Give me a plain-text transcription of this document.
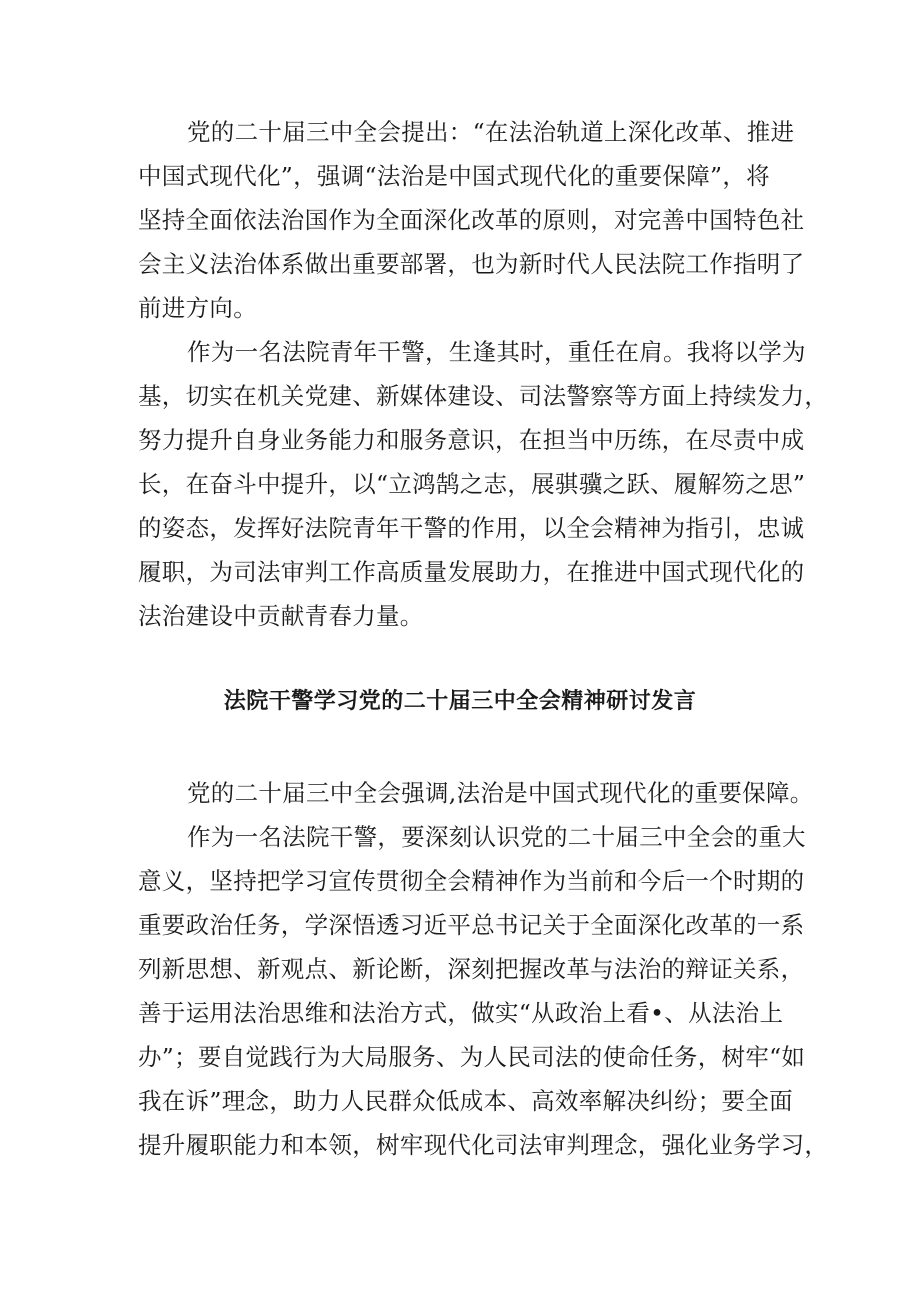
党的二十届三中全会提出：“在法治轨道上深化改革、推进
中国式现代化”，强调“法治是中国式现代化的重要保障”，将
坚持全面依法治国作为全面深化改革的原则，对完善中国特色社
会主义法治体系做出重要部署，也为新时代人民法院工作指明了
前进方向。
作为一名法院青年干警，生逢其时，重任在肩。我将以学为
基，切实在机关党建、新媒体建设、司法警察等方面上持续发力，
努力提升自身业务能力和服务意识，在担当中历练，在尽责中成
长，在奋斗中提升，以“立鸿鹄之志，展骐骥之跃、履解笏之思”
的姿态，发挥好法院青年干警的作用，以全会精神为指引，忠诚
履职，为司法审判工作高质量发展助力，在推进中国式现代化的
法治建设中贡献青春力量。
法院干警学习党的二十届三中全会精神研讨发言
党的二十届三中全会强调,法治是中国式现代化的重要保障。
作为一名法院干警，要深刻认识党的二十届三中全会的重大
意义，坚持把学习宣传贯彻全会精神作为当前和今后一个时期的
重要政治任务，学深悟透习近平总书记关于全面深化改革的一系
列新思想、新观点、新论断，深刻把握改革与法治的辩证关系，
善于运用法治思维和法治方式，做实“从政治上看•、从法治上
办”；要自觉践行为大局服务、为人民司法的使命任务，树牢“如
我在诉”理念，助力人民群众低成本、高效率解决纠纷；要全面
提升履职能力和本领，树牢现代化司法审判理念，强化业务学习，
